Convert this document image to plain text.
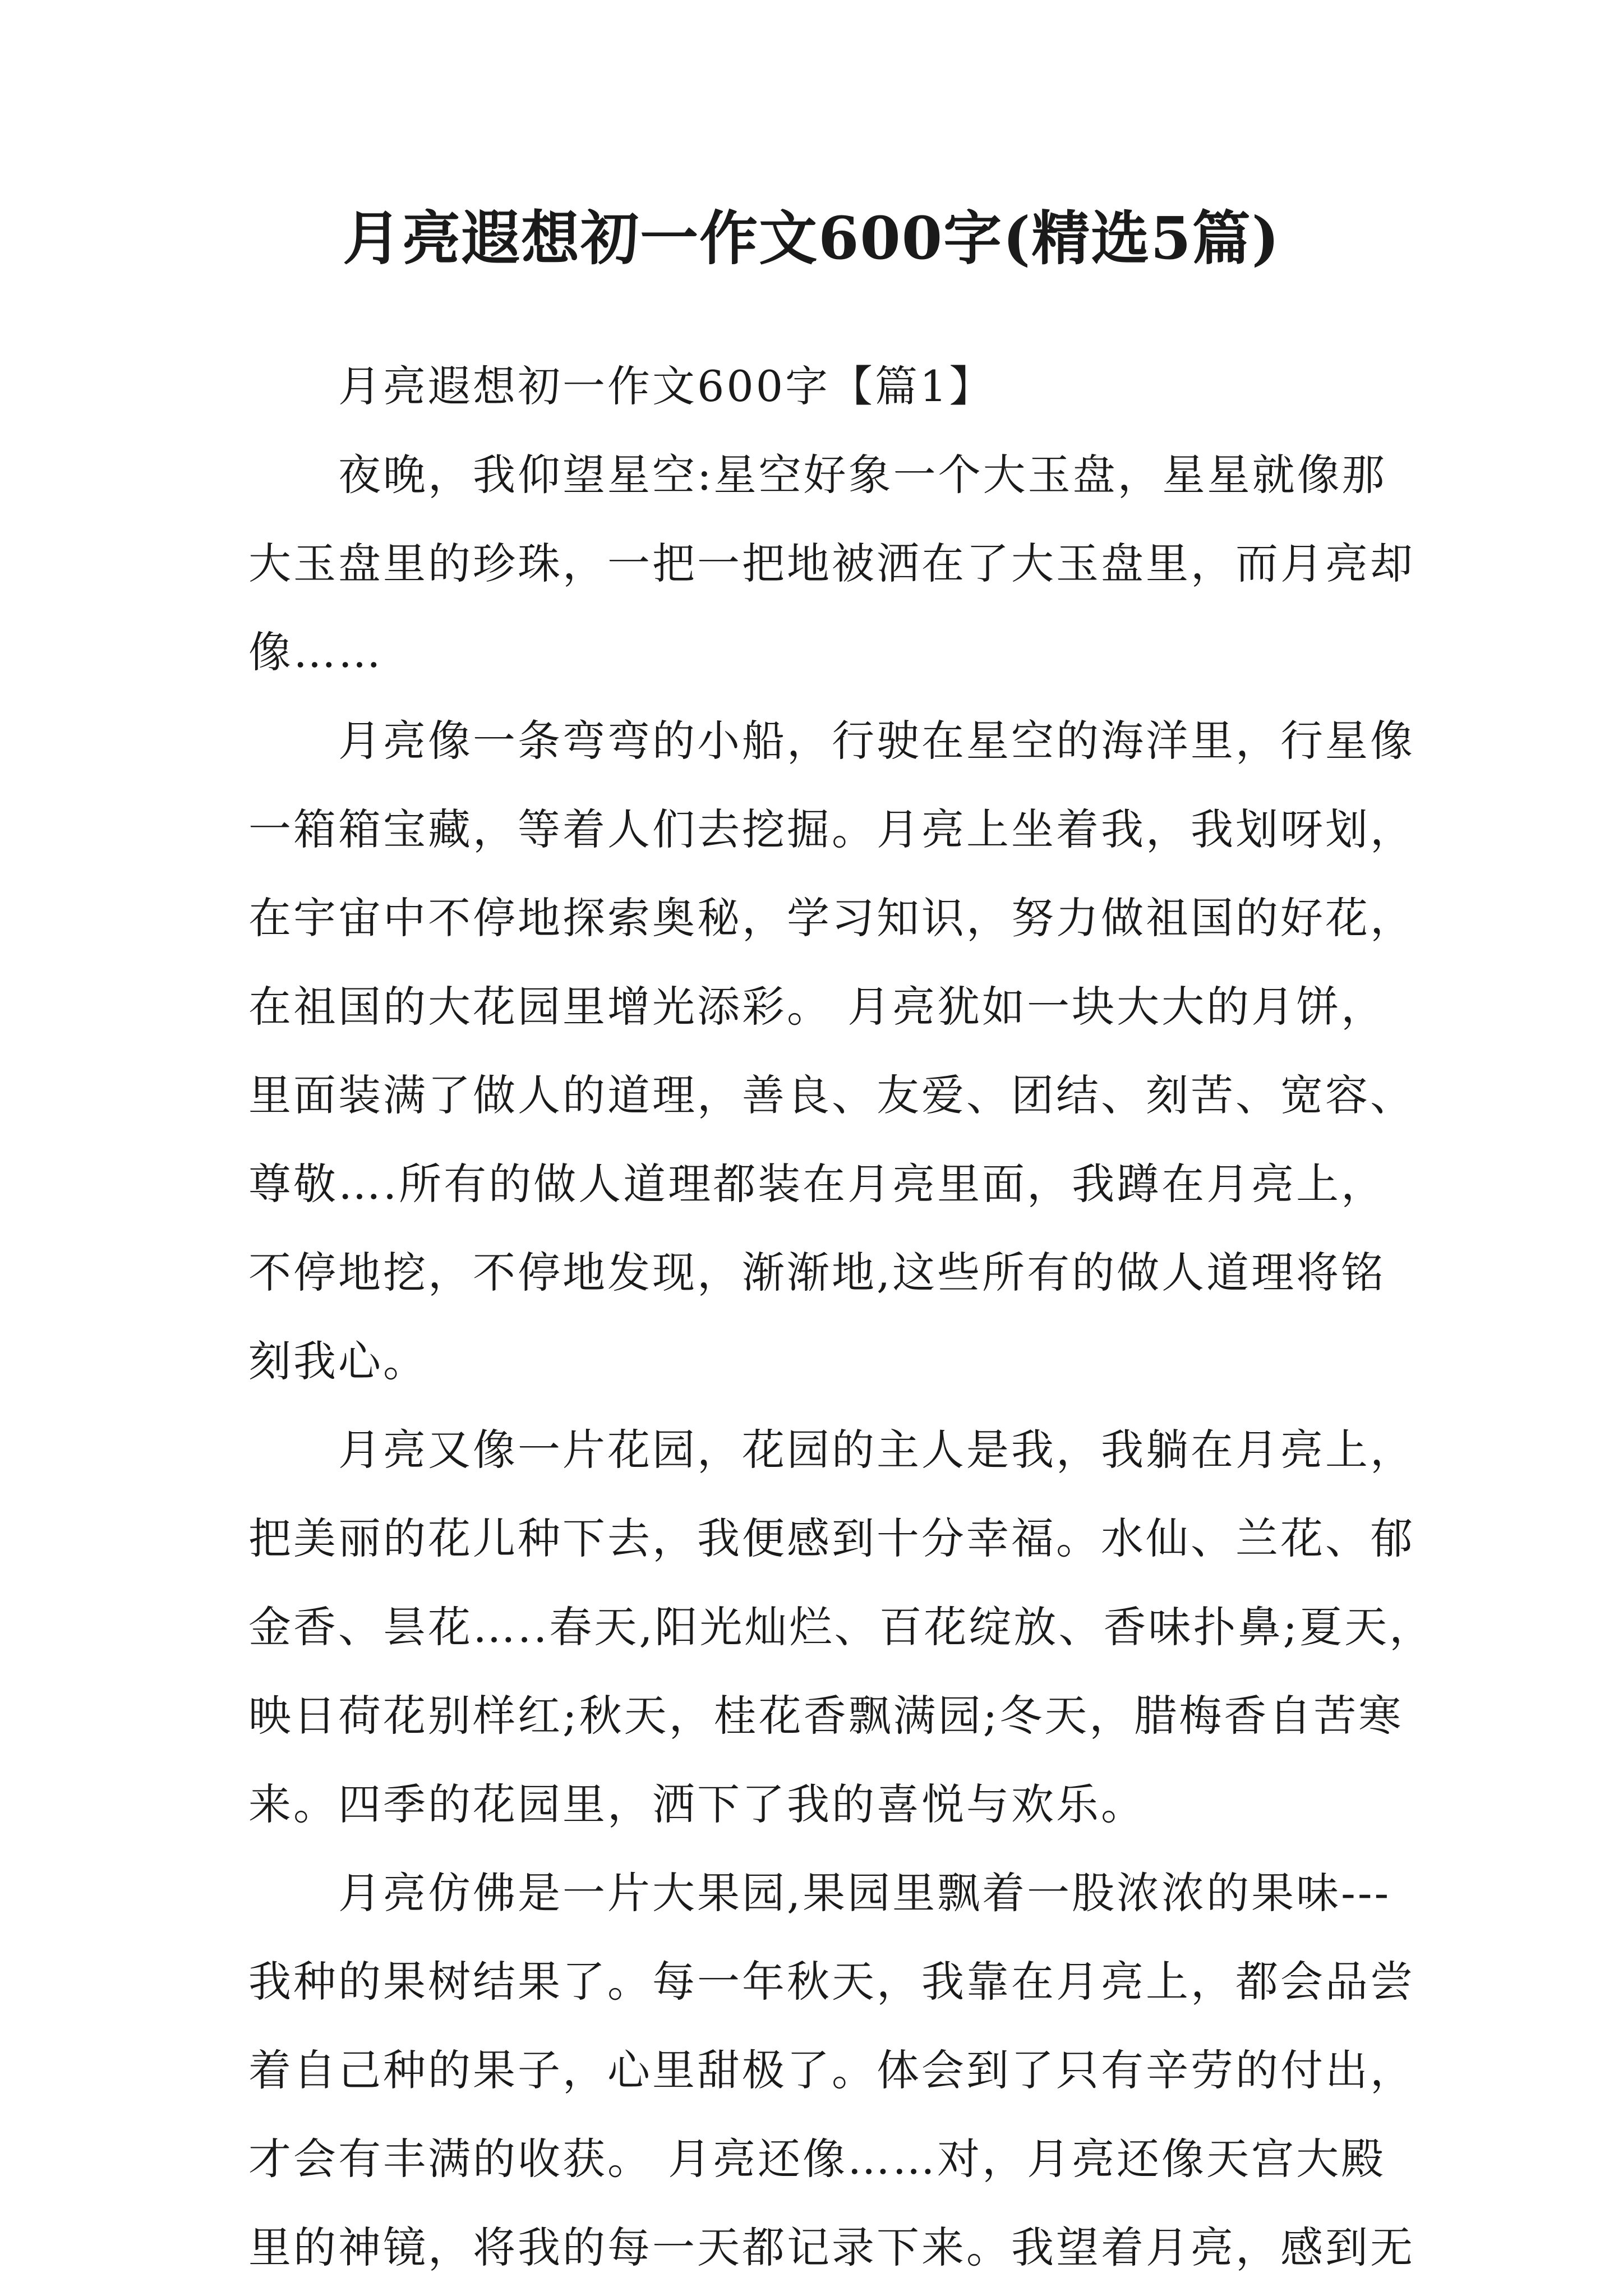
月亮遐想初一作文600字(精选5篇)
月亮遐想初一作文600字【篇1】
夜晚，我仰望星空:星空好象一个大玉盘，星星就像那
大玉盘里的珍珠，一把一把地被洒在了大玉盘里，而月亮却
像……
月亮像一条弯弯的小船，行驶在星空的海洋里，行星像
一箱箱宝藏，等着人们去挖掘。月亮上坐着我，我划呀划，
在宇宙中不停地探索奥秘，学习知识，努力做祖国的好花，
在祖国的大花园里增光添彩。 月亮犹如一块大大的月饼，
里面装满了做人的道理，善良、友爱、团结、刻苦、宽容、
尊敬….所有的做人道理都装在月亮里面，我蹲在月亮上，
不停地挖，不停地发现，渐渐地,这些所有的做人道理将铭
刻我心。
月亮又像一片花园，花园的主人是我，我躺在月亮上，
把美丽的花儿种下去，我便感到十分幸福。水仙、兰花、郁
金香、昙花…..春天,阳光灿烂、百花绽放、香味扑鼻;夏天，
映日荷花别样红;秋天，桂花香飘满园;冬天，腊梅香自苦寒
来。四季的花园里，洒下了我的喜悦与欢乐。
月亮仿佛是一片大果园,果园里飘着一股浓浓的果味---
我种的果树结果了。每一年秋天，我靠在月亮上，都会品尝
着自己种的果子，心里甜极了。体会到了只有辛劳的付出，
才会有丰满的收获。 月亮还像……对，月亮还像天宫大殿
里的神镜，将我的每一天都记录下来。我望着月亮，感到无
